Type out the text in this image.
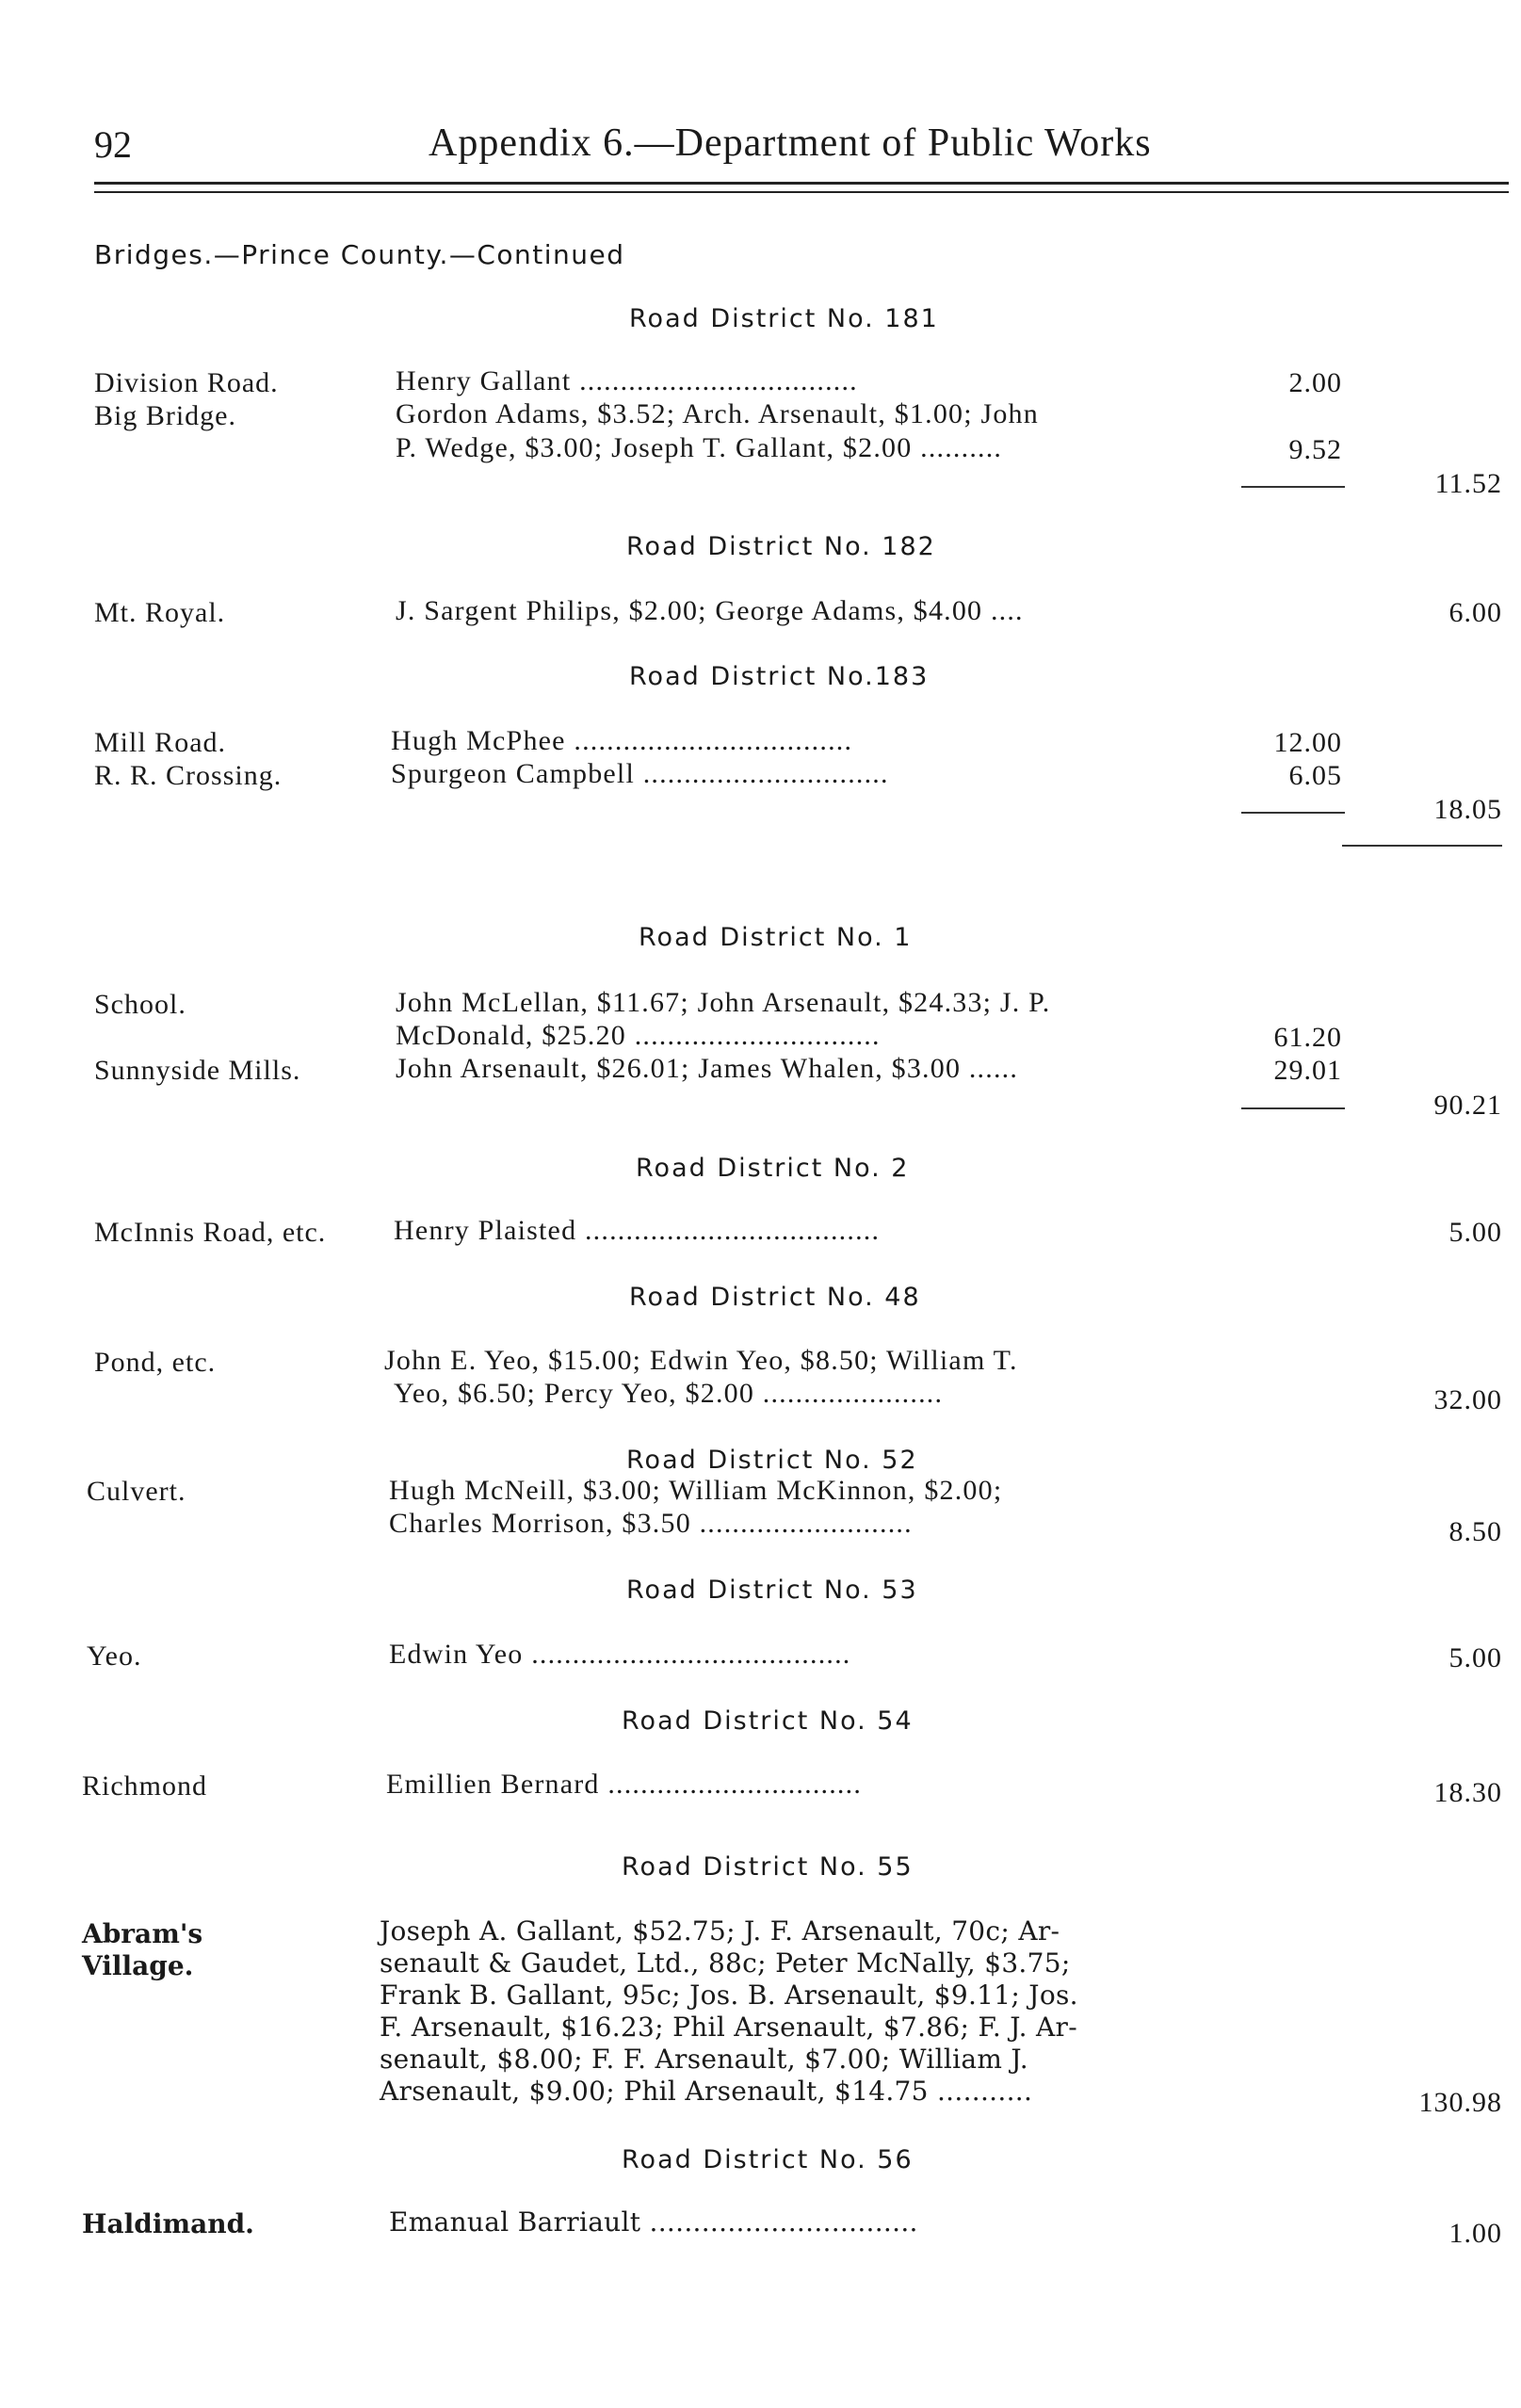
92	Appendix 6.—Department of Public Works
Bridges.—Prince County.—Continued
Road District No. 181
Division Road.	Henry Gallant ..................................	2.00
Big Bridge.	Gordon Adams, $3.52; Arch. Arsenault, $1.00; John
P. Wedge, $3.00; Joseph T. Gallant, $2.00 ..........	9.52
11.52
Road District No. 182
Mt. Royal.	J. Sargent Philips, $2.00; George Adams, $4.00 ....	6.00
Road District No.183
Mill Road.	Hugh McPhee ..................................	12.00
R. R. Crossing.	Spurgeon Campbell ..............................	6.05
18.05
Road District No. 1
School.	John McLellan, $11.67; John Arsenault, $24.33; J. P.
McDonald, $25.20 ..............................	61.20
Sunnyside Mills.	John Arsenault, $26.01; James Whalen, $3.00 ......	29.01
90.21
Road District No. 2
McInnis Road, etc. Henry Plaisted ....................................	5.00
Road District No. 48
Pond, etc.	John E. Yeo, $15.00; Edwin Yeo, $8.50; William T.
Yeo, $6.50; Percy Yeo, $2.00 ......................	32.00
Road District No. 52
Culvert.	Hugh McNeill, $3.00; William McKinnon, $2.00;
Charles Morrison, $3.50 ..........................	8.50
Road District No. 53
Yeo.	Edwin Yeo .......................................	5.00
Road District No. 54
Richmond	Emillien Bernard ...............................	18.30
Road District No. 55
Abram's
Village.
Joseph A. Gallant, $52.75; J. F. Arsenault, 70c; Ar-
senault & Gaudet, Ltd., 88c; Peter McNally, $3.75;
Frank B. Gallant, 95c; Jos. B. Arsenault, $9.11; Jos.
F. Arsenault, $16.23; Phil Arsenault, $7.86; F. J. Ar-
senault, $8.00; F. F. Arsenault, $7.00; William J.
Arsenault, $9.00; Phil Arsenault, $14.75 ...........	130.98
Road District No. 56
Haldimand.	Emanual Barriault ...............................	1.00
